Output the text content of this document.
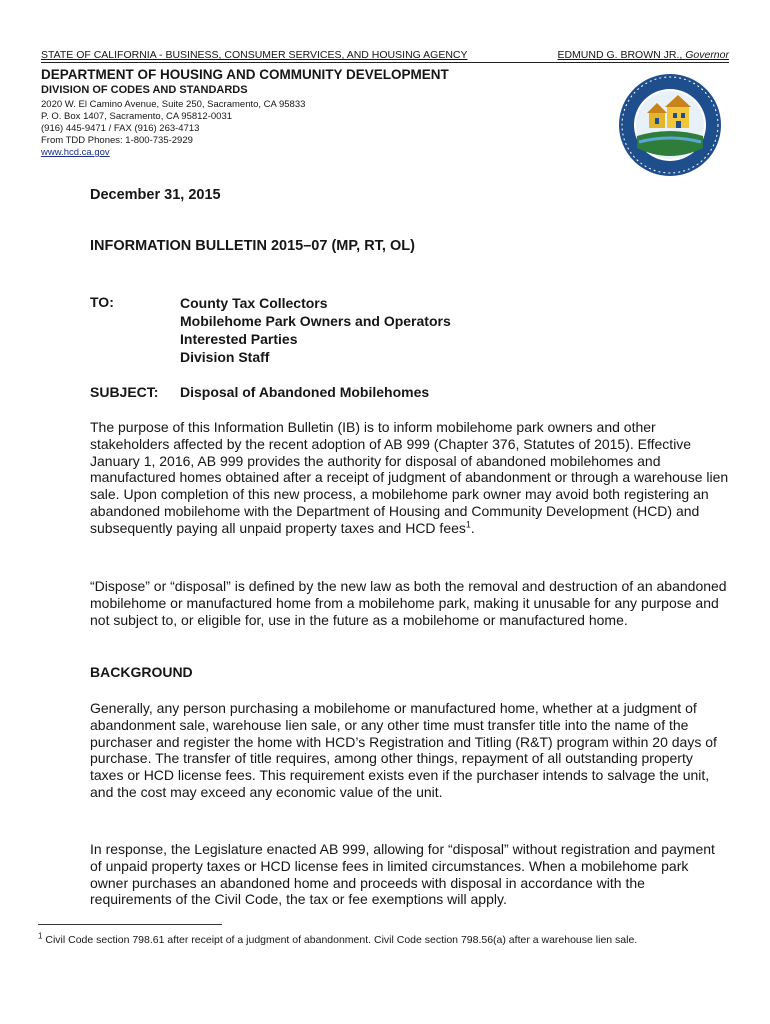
STATE OF CALIFORNIA - BUSINESS, CONSUMER SERVICES, AND HOUSING AGENCY	EDMUND G. BROWN JR., Governor
DEPARTMENT OF HOUSING AND COMMUNITY DEVELOPMENT
DIVISION OF CODES AND STANDARDS
2020 W. El Camino Avenue, Suite 250, Sacramento, CA 95833
P. O. Box 1407, Sacramento, CA 95812-0031
(916) 445-9471 / FAX (916) 263-4713
From TDD Phones: 1-800-735-2929
www.hcd.ca.gov
December 31, 2015
INFORMATION BULLETIN 2015–07 (MP, RT, OL)
TO:	County Tax Collectors
Mobilehome Park Owners and Operators
Interested Parties
Division Staff
SUBJECT: Disposal of Abandoned Mobilehomes
The purpose of this Information Bulletin (IB) is to inform mobilehome park owners and other stakeholders affected by the recent adoption of AB 999 (Chapter 376, Statutes of 2015). Effective January 1, 2016, AB 999 provides the authority for disposal of abandoned mobilehomes and manufactured homes obtained after a receipt of judgment of abandonment or through a warehouse lien sale. Upon completion of this new process, a mobilehome park owner may avoid both registering an abandoned mobilehome with the Department of Housing and Community Development (HCD) and subsequently paying all unpaid property taxes and HCD fees$^1$.
“Dispose” or “disposal” is defined by the new law as both the removal and destruction of an abandoned mobilehome or manufactured home from a mobilehome park, making it unusable for any purpose and not subject to, or eligible for, use in the future as a mobilehome or manufactured home.
BACKGROUND
Generally, any person purchasing a mobilehome or manufactured home, whether at a judgment of abandonment sale, warehouse lien sale, or any other time must transfer title into the name of the purchaser and register the home with HCD’s Registration and Titling (R&T) program within 20 days of purchase. The transfer of title requires, among other things, repayment of all outstanding property taxes or HCD license fees. This requirement exists even if the purchaser intends to salvage the unit, and the cost may exceed any economic value of the unit.
In response, the Legislature enacted AB 999, allowing for “disposal” without registration and payment of unpaid property taxes or HCD license fees in limited circumstances. When a mobilehome park owner purchases an abandoned home and proceeds with disposal in accordance with the requirements of the Civil Code, the tax or fee exemptions will apply.
$^1$ Civil Code section 798.61 after receipt of a judgment of abandonment. Civil Code section 798.56(a) after a warehouse lien sale.
